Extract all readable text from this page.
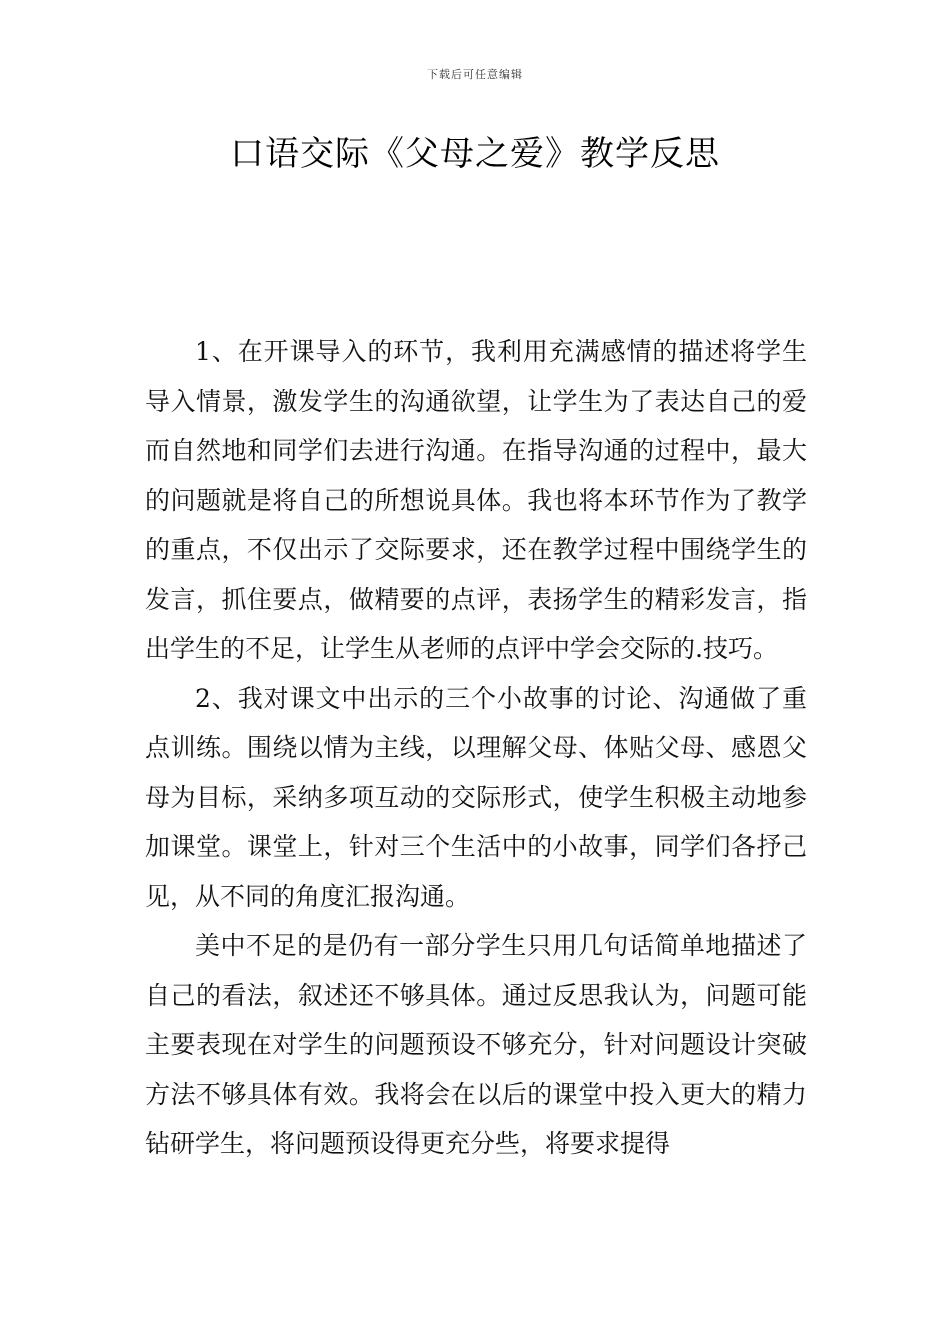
下载后可任意编辑
口语交际《父母之爱》教学反思

1、在开课导入的环节，我利用充满感情的描述将学生导入情景，激发学生的沟通欲望，让学生为了表达自己的爱而自然地和同学们去进行沟通。在指导沟通的过程中，最大的问题就是将自己的所想说具体。我也将本环节作为了教学的重点，不仅出示了交际要求，还在教学过程中围绕学生的发言，抓住要点，做精要的点评，表扬学生的精彩发言，指出学生的不足，让学生从老师的点评中学会交际的.技巧。

2、我对课文中出示的三个小故事的讨论、沟通做了重点训练。围绕以情为主线，以理解父母、体贴父母、感恩父母为目标，采纳多项互动的交际形式，使学生积极主动地参加课堂。课堂上，针对三个生活中的小故事，同学们各抒己见，从不同的角度汇报沟通。

美中不足的是仍有一部分学生只用几句话简单地描述了自己的看法，叙述还不够具体。通过反思我认为，问题可能主要表现在对学生的问题预设不够充分，针对问题设计突破方法不够具体有效。我将会在以后的课堂中投入更大的精力钻研学生，将问题预设得更充分些，将要求提得
